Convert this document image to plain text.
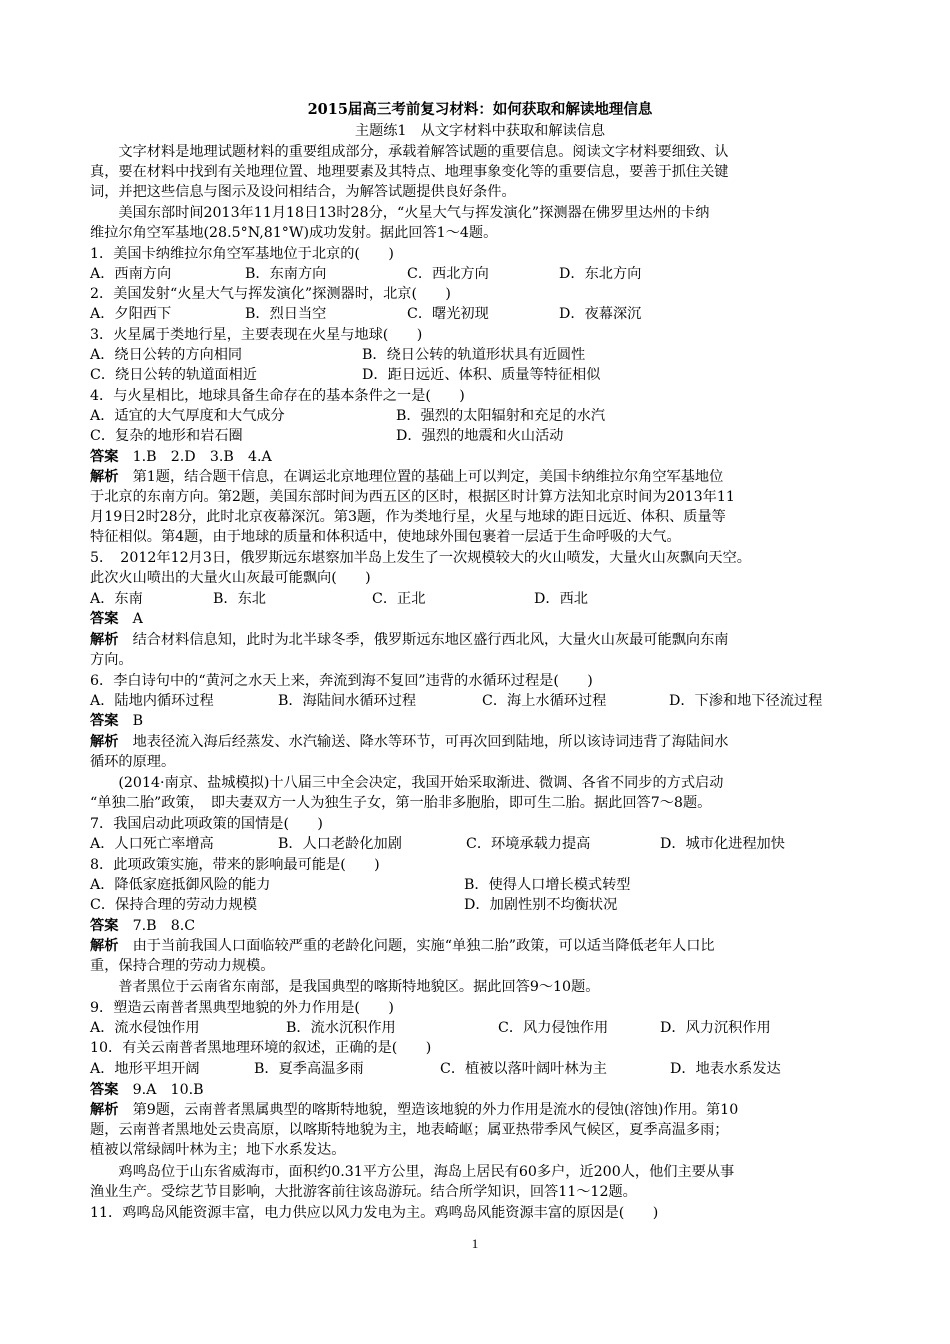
2015届高三考前复习材料：如何获取和解读地理信息
主题练1　从文字材料中获取和解读信息
　　文字材料是地理试题材料的重要组成部分，承载着解答试题的重要信息。阅读文字材料要细致、认
真，要在材料中找到有关地理位置、地理要素及其特点、地理事象变化等的重要信息，要善于抓住关键
词，并把这些信息与图示及设问相结合，为解答试题提供良好条件。
　　美国东部时间2013年11月18日13时28分，“火星大气与挥发演化”探测器在佛罗里达州的卡纳
维拉尔角空军基地(28.5°N,81°W)成功发射。据此回答1～4题。
1．美国卡纳维拉尔角空军基地位于北京的(　　)
A．西南方向	B．东南方向	C．西北方向	D．东北方向
2．美国发射“火星大气与挥发演化”探测器时，北京(　　)
A．夕阳西下	B．烈日当空	C．曙光初现	D．夜幕深沉
3．火星属于类地行星，主要表现在火星与地球(　　)
A．绕日公转的方向相同	B．绕日公转的轨道形状具有近圆性
C．绕日公转的轨道面相近	D．距日远近、体积、质量等特征相似
4．与火星相比，地球具备生命存在的基本条件之一是(　　)
A．适宜的大气厚度和大气成分	B．强烈的太阳辐射和充足的水汽
C．复杂的地形和岩石圈	D．强烈的地震和火山活动
答案　1.B　2.D　3.B　4.A
解析　第1题，结合题干信息，在调运北京地理位置的基础上可以判定，美国卡纳维拉尔角空军基地位
于北京的东南方向。第2题，美国东部时间为西五区的区时，根据区时计算方法知北京时间为2013年11
月19日2时28分，此时北京夜幕深沉。第3题，作为类地行星，火星与地球的距日远近、体积、质量等
特征相似。第4题，由于地球的质量和体积适中，使地球外围包裹着一层适于生命呼吸的大气。
5．　2012年12月3日，俄罗斯远东堪察加半岛上发生了一次规模较大的火山喷发，大量火山灰飘向天空。
此次火山喷出的大量火山灰最可能飘向(　　)
A．东南	B．东北	C．正北	D．西北
答案　A
解析　结合材料信息知，此时为北半球冬季，俄罗斯远东地区盛行西北风，大量火山灰最可能飘向东南
方向。
6．李白诗句中的“黄河之水天上来，奔流到海不复回”违背的水循环过程是(　　)
A．陆地内循环过程	B．海陆间水循环过程	C．海上水循环过程	D．下渗和地下径流过程
答案　B
解析　地表径流入海后经蒸发、水汽输送、降水等环节，可再次回到陆地，所以该诗词违背了海陆间水
循环的原理。
　　(2014·南京、盐城模拟)十八届三中全会决定，我国开始采取渐进、微调、各省不同步的方式启动
“单独二胎”政策，　即夫妻双方一人为独生子女，第一胎非多胞胎，即可生二胎。据此回答7～8题。
7．我国启动此项政策的国情是(　　)
A．人口死亡率增高	B．人口老龄化加剧	C．环境承载力提高	D．城市化进程加快
8．此项政策实施，带来的影响最可能是(　　)
A．降低家庭抵御风险的能力	B．使得人口增长模式转型
C．保持合理的劳动力规模	D．加剧性别不均衡状况
答案　7.B　8.C
解析　由于当前我国人口面临较严重的老龄化问题，实施“单独二胎”政策，可以适当降低老年人口比
重，保持合理的劳动力规模。
　　普者黑位于云南省东南部，是我国典型的喀斯特地貌区。据此回答9～10题。
9．塑造云南普者黑典型地貌的外力作用是(　　)
A．流水侵蚀作用	B．流水沉积作用	C．风力侵蚀作用	D．风力沉积作用
10．有关云南普者黑地理环境的叙述，正确的是(　　)
A．地形平坦开阔	B．夏季高温多雨	C．植被以落叶阔叶林为主	D．地表水系发达
答案　9.A　10.B
解析　第9题，云南普者黑属典型的喀斯特地貌，塑造该地貌的外力作用是流水的侵蚀(溶蚀)作用。第10
题，云南普者黑地处云贵高原，以喀斯特地貌为主，地表崎岖；属亚热带季风气候区，夏季高温多雨；
植被以常绿阔叶林为主；地下水系发达。
　　鸡鸣岛位于山东省威海市，面积约0.31平方公里，海岛上居民有60多户，近200人，他们主要从事
渔业生产。受综艺节目影响，大批游客前往该岛游玩。结合所学知识，回答11～12题。
11．鸡鸣岛风能资源丰富，电力供应以风力发电为主。鸡鸣岛风能资源丰富的原因是(　　)
1
